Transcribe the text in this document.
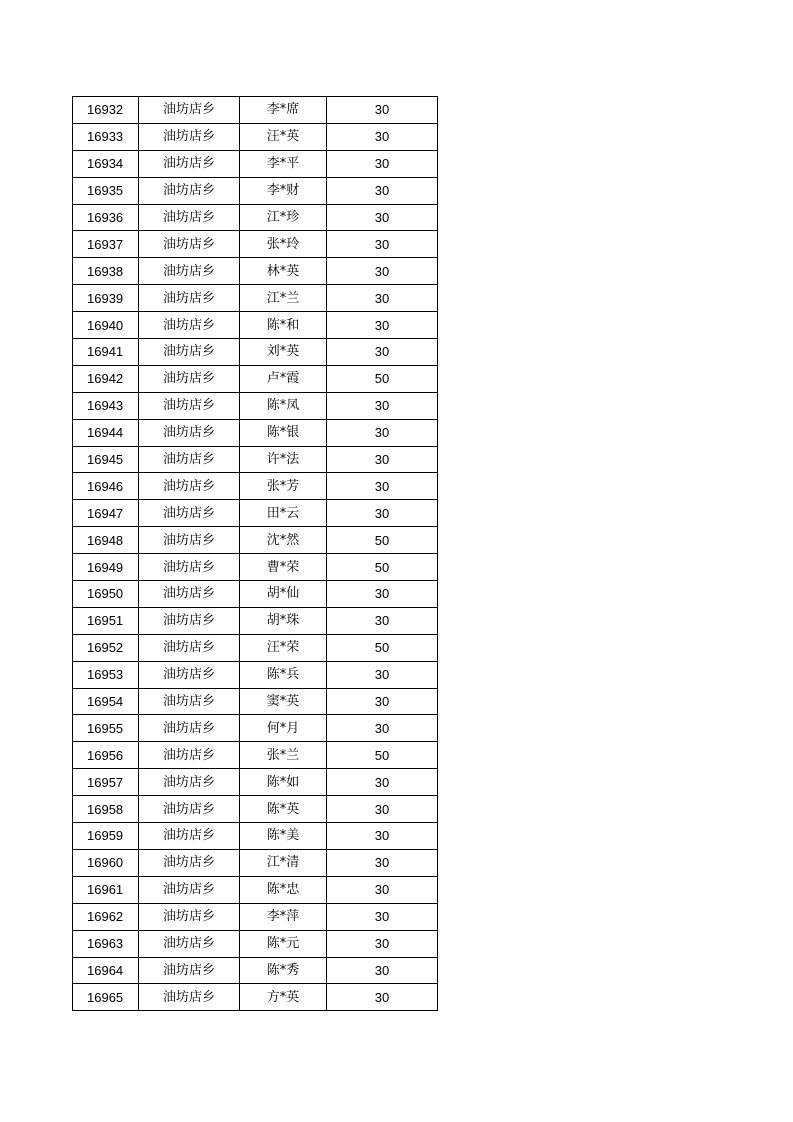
16932	油坊店乡	李*席	30
16933	油坊店乡	汪*英	30
16934	油坊店乡	李*平	30
16935	油坊店乡	李*财	30
16936	油坊店乡	江*珍	30
16937	油坊店乡	张*玲	30
16938	油坊店乡	林*英	30
16939	油坊店乡	江*兰	30
16940	油坊店乡	陈*和	30
16941	油坊店乡	刘*英	30
16942	油坊店乡	卢*霞	50
16943	油坊店乡	陈*凤	30
16944	油坊店乡	陈*银	30
16945	油坊店乡	许*法	30
16946	油坊店乡	张*芳	30
16947	油坊店乡	田*云	30
16948	油坊店乡	沈*然	50
16949	油坊店乡	曹*荣	50
16950	油坊店乡	胡*仙	30
16951	油坊店乡	胡*珠	30
16952	油坊店乡	汪*荣	50
16953	油坊店乡	陈*兵	30
16954	油坊店乡	窦*英	30
16955	油坊店乡	何*月	30
16956	油坊店乡	张*兰	50
16957	油坊店乡	陈*如	30
16958	油坊店乡	陈*英	30
16959	油坊店乡	陈*美	30
16960	油坊店乡	江*清	30
16961	油坊店乡	陈*忠	30
16962	油坊店乡	李*萍	30
16963	油坊店乡	陈*元	30
16964	油坊店乡	陈*秀	30
16965	油坊店乡	方*英	30
